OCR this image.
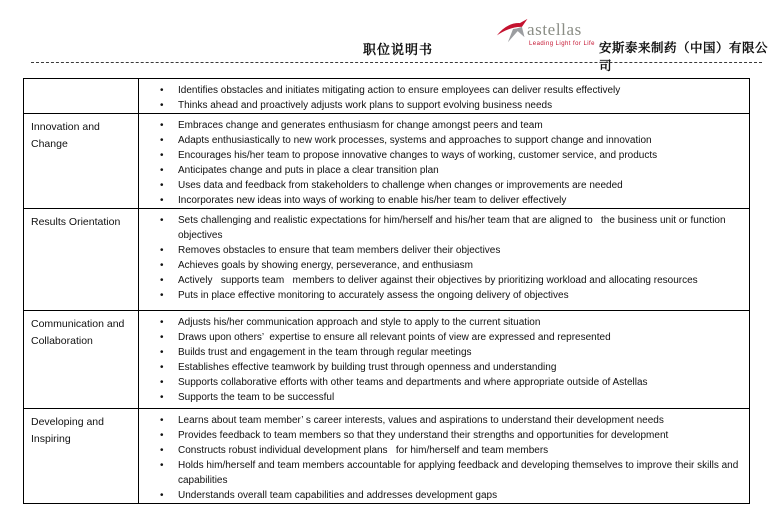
职位说明书
astellas
Leading Light for Life 安斯泰来制药（中国）有限公司

• Identifies obstacles and initiates mitigating action to ensure employees can deliver results effectively
• Thinks ahead and proactively adjusts work plans to support evolving business needs

Innovation and Change	
• Embraces change and generates enthusiasm for change amongst peers and team
• Adapts enthusiastically to new work processes, systems and approaches to support change and innovation
• Encourages his/her team to propose innovative changes to ways of working, customer service, and products
• Anticipates change and puts in place a clear transition plan
• Uses data and feedback from stakeholders to challenge when changes or improvements are needed
• Incorporates new ideas into ways of working to enable his/her team to deliver effectively

Results Orientation	
•Sets challenging and realistic expectations for him/herself and his/her team that are aligned to   the business unit or function objectives
• Removes obstacles to ensure that team members deliver their objectives
• Achieves goals by showing energy, perseverance, and enthusiasm
• Actively   supports team   members to deliver against their objectives by prioritizing workload and allocating resources
• Puts in place effective monitoring to accurately assess the ongoing delivery of objectives

Communication and Collaboration	
• Adjusts his/her communication approach and style to apply to the current situation
• Draws upon others’  expertise to ensure all relevant points of view are expressed and represented
• Builds trust and engagement in the team through regular meetings
• Establishes effective teamwork by building trust through openness and understanding
• Supports collaborative efforts with other teams and departments and where appropriate outside of Astellas
• Supports the team to be successful

Developing and Inspiring	
• Learns about team member’ s career interests, values and aspirations to understand their development needs
• Provides feedback to team members so that they understand their strengths and opportunities for development
• Constructs robust individual development plans   for him/herself and team members
• Holds him/herself and team members accountable for applying feedback and developing themselves to improve their skills and capabilities
• Understands overall team capabilities and addresses development gaps
